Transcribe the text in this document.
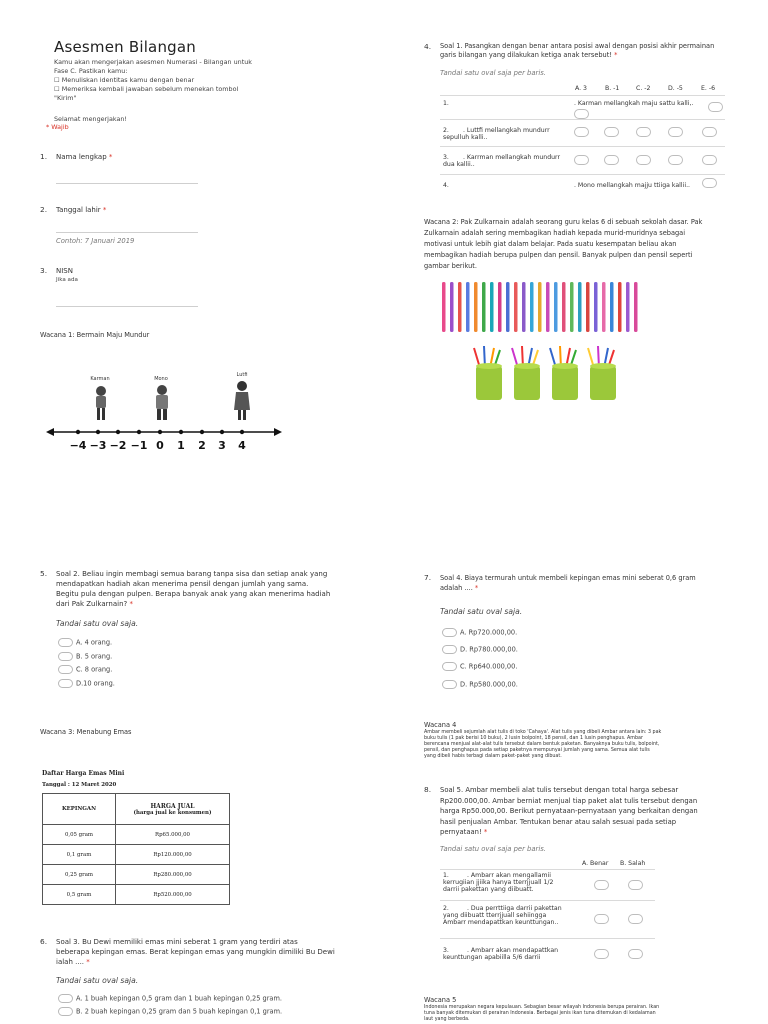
Asesmen Bilangan
Kamu akan mengerjakan asesmen Numerasi - Bilangan untuk
Fase C. Pastikan kamu:
☐ Menuliskan identitas kamu dengan benar
☐ Memeriksa kembali jawaban sebelum menekan tombol
"Kirim"
Selamat mengerjakan!
* Wajib
1. Nama lengkap *
2. Tanggal lahir *
Contoh: 7 Januari 2019
3. NISN
Jika ada
Wacana 1: Bermain Maju Mundur
−4 −3 −2 −1 0 1 2 3 4
Karman	Mono
Lutfi
5. Soal 2. Beliau ingin membagi semua barang tanpa sisa dan setiap anak yang
mendapatkan hadiah akan menerima pensil dengan jumlah yang sama.
Begitu pula dengan pulpen. Berapa banyak anak yang akan menerima hadiah
dari Pak Zulkarnain? *
Tandai satu oval saja.
A. 4 orang.
B. 5 orang.
C. 8 orang.
D.10 orang.
Wacana 3: Menabung Emas
Daftar Harga Emas Mini
Tanggal : 12 Maret 2020
KEPINGAN	HARGA JUAL
(harga jual ke konsumen)

0,05 gram	Rp65.000,00
0,1 gram	Rp120.000,00
0,25 gram	Rp280.000,00
0,5 gram	Rp520.000,00
6. Soal 3. Bu Dewi memiliki emas mini seberat 1 gram yang terdiri atas
beberapa kepingan emas. Berat kepingan emas yang mungkin dimiliki Bu Dewi
ialah .... *
Tandai satu oval saja.
A. 1 buah kepingan 0,5 gram dan 1 buah kepingan 0,25 gram.
B. 2 buah kepingan 0,25 gram dan 5 buah kepingan 0,1 gram.
4. Soal 1. Pasangkan dengan benar antara posisi awal dengan posisi akhir permainan
garis bilangan yang dilakukan ketiga anak tersebut! *
Tandai satu oval saja per baris.
A. 3	B. -1	C. -2	D. -5	E. -6
1.	. Karman mellangkah maju sattu kalli,.
2.	. Luttfi mellangkah mundurr sepulluh kalli..
3.	. Karrman mellangkah mundurr dua kallii..
4.	. Mono mellangkah majju ttiiga kallii..
Wacana 2: Pak Zulkarnain adalah seorang guru kelas 6 di sebuah sekolah dasar. Pak
Zulkarnain adalah sering membagikan hadiah kepada murid-muridnya sebagai
motivasi untuk lebih giat dalam belajar. Pada suatu kesempatan beliau akan
membagikan hadiah berupa pulpen dan pensil. Banyak pulpen dan pensil seperti
gambar berikut.
7. Soal 4. Biaya termurah untuk membeli kepingan emas mini seberat 0,6 gram
adalah .... *
Tandai satu oval saja.
A. Rp720.000,00.
D. Rp780.000,00.
C. Rp640.000,00.
D. Rp580.000,00.
Wacana 4
Ambar membeli sejumlah alat tulis di toko 'Cahaya'. Alat tulis yang dibeli Ambar antara lain: 3 pak
buku tulis (1 pak berisi 10 buku), 2 lusin bolpoint, 18 pensil, dan 1 lusin penghapus. Ambar
berencana menjual alat-alat tulis tersebut dalam bentuk paketan. Banyaknya buku tulis, bolpoint,
pensil, dan penghapus pada setiap paketnya mempunyai jumlah yang sama. Semua alat tulis
yang dibeli habis terbagi dalam paket-paket yang dibuat.
8. Soal 5. Ambar membeli alat tulis tersebut dengan total harga sebesar
Rp200.000,00. Ambar berniat menjual tiap paket alat tulis tersebut dengan
harga Rp50.000,00. Berikut pernyataan-pernyataan yang berkaitan dengan
hasil penjualan Ambar. Tentukan benar atau salah sesuai pada setiap
pernyataan! *
Tandai satu oval saja per baris.
A. Benar B. Salah
1.	. Ambarr akan mengallamii kerrugiian jjiika hanya tterrjjuall 1/2 darrii pakettan yang diibuatt.
2.	. Dua perrttiiga darrii pakettan yang diibuatt tterrjjuall sehiingga Ambarr mendapattkan keunttungan..
3.	. Ambarr akan mendapattkan keunttungan apabiilla 5/6 darrii
Wacana 5
Indonesia merupakan negara kepulauan. Sebagian besar wilayah Indonesia berupa perairan. Ikan
tuna banyak ditemukan di perairan Indonesia. Berbagai jenis ikan tuna ditemukan di kedalaman
laut yang berbeda.
